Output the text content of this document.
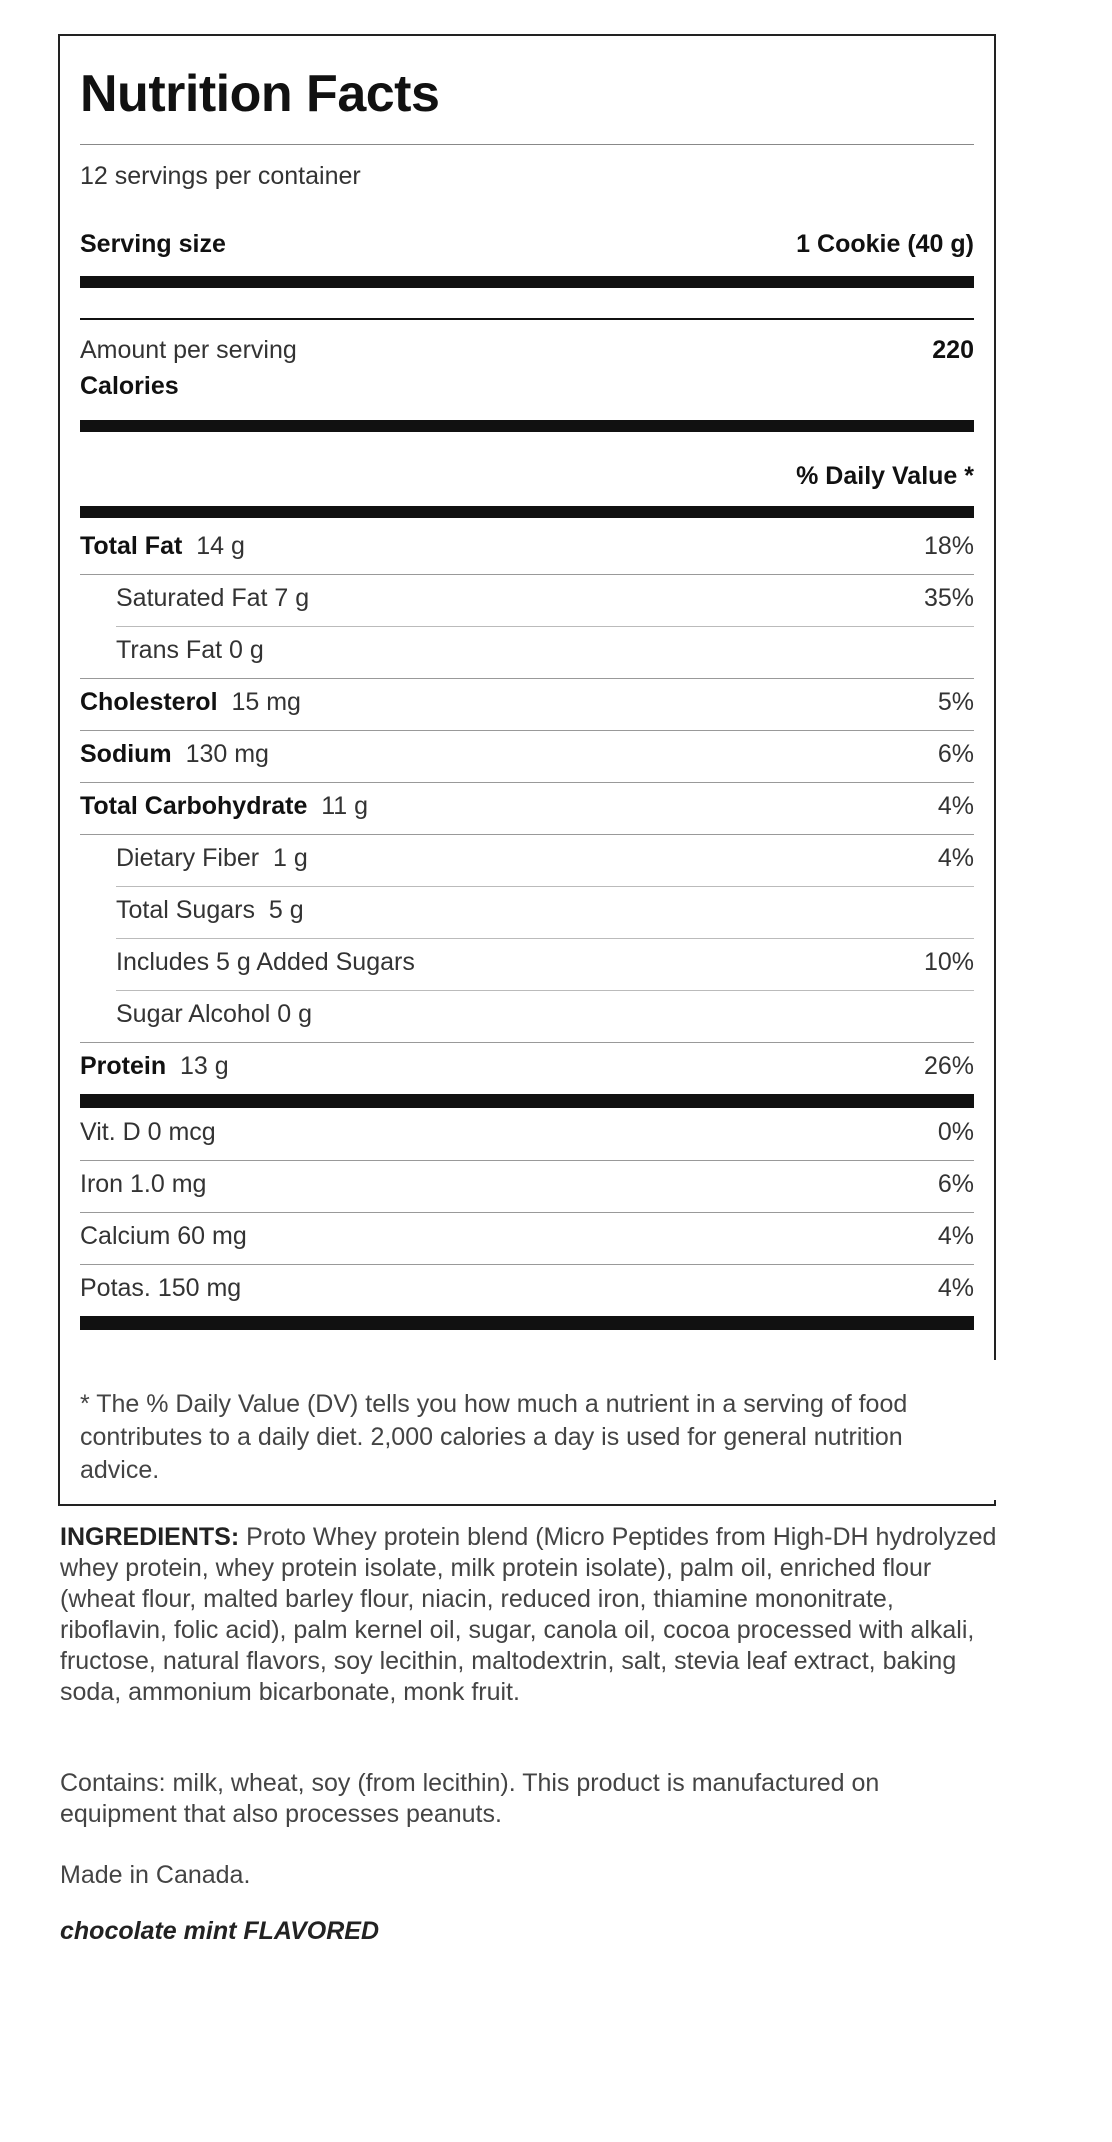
Nutrition Facts
12 servings per container
Serving size	1 Cookie (40 g)
Amount per serving	220
Calories
% Daily Value *
Total Fat 14 g	18%
Saturated Fat 7 g	35%
Trans Fat 0 g
Cholesterol 15 mg	5%
Sodium 130 mg	6%
Total Carbohydrate 11 g	4%
Dietary Fiber 1 g	4%
Total Sugars 5 g
Includes 5 g Added Sugars	10%
Sugar Alcohol 0 g
Protein 13 g	26%
Vit. D 0 mcg	0%
Iron 1.0 mg	6%
Calcium 60 mg	4%
Potas. 150 mg	4%
* The % Daily Value (DV) tells you how much a nutrient in a serving of food contributes to a daily diet. 2,000 calories a day is used for general nutrition advice.
INGREDIENTS: Proto Whey protein blend (Micro Peptides from High-DH hydrolyzed whey protein, whey protein isolate, milk protein isolate), palm oil, enriched flour (wheat flour, malted barley flour, niacin, reduced iron, thiamine mononitrate, riboflavin, folic acid), palm kernel oil, sugar, canola oil, cocoa processed with alkali, fructose, natural flavors, soy lecithin, maltodextrin, salt, stevia leaf extract, baking soda, ammonium bicarbonate, monk fruit.
Contains: milk, wheat, soy (from lecithin). This product is manufactured on equipment that also processes peanuts.
Made in Canada.
chocolate mint FLAVORED
